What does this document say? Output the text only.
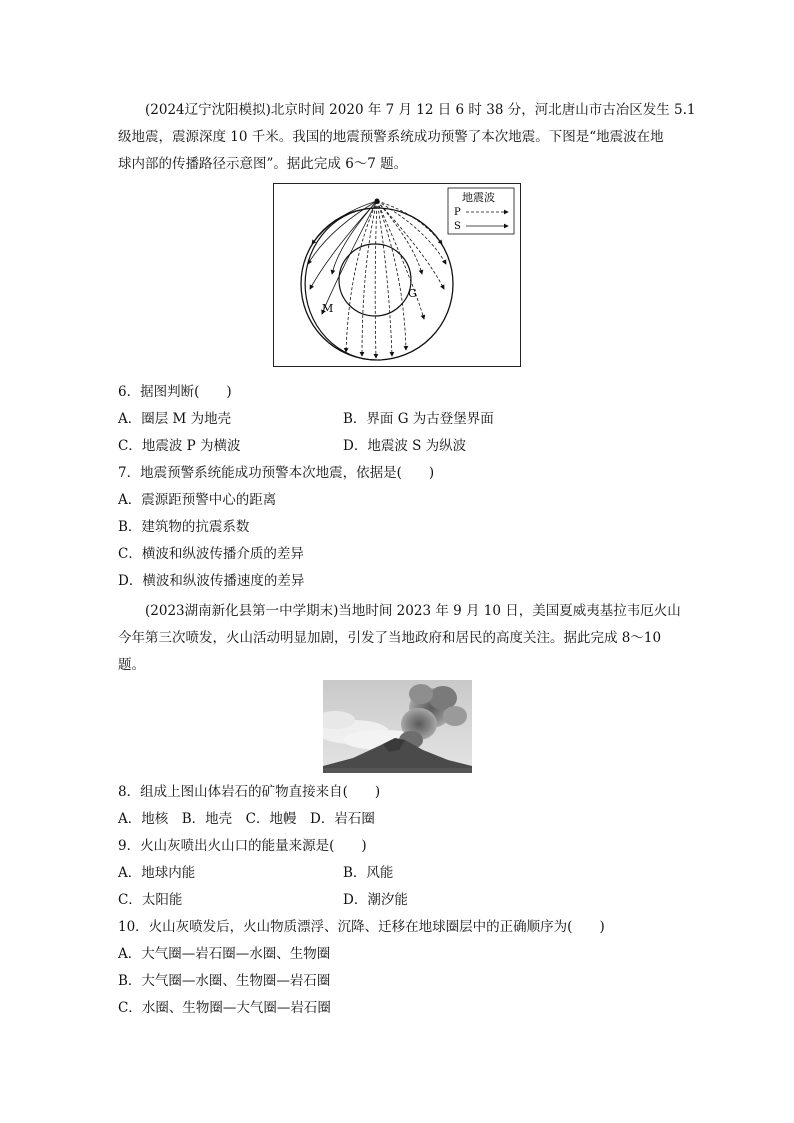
(2024辽宁沈阳模拟)北京时间 2020 年 7 月 12 日 6 时 38 分，河北唐山市古冶区发生 5.1
级地震，震源深度 10 千米。我国的地震预警系统成功预警了本次地震。下图是“地震波在地
球内部的传播路径示意图”。据此完成 6～7 题。
M
G
地震波
P
S
6．据图判断(　　)
A．圈层 M 为地壳	B．界面 G 为古登堡界面
C．地震波 P 为横波	D．地震波 S 为纵波
7．地震预警系统能成功预警本次地震，依据是(　　)
A．震源距预警中心的距离
B．建筑物的抗震系数
C．横波和纵波传播介质的差异
D．横波和纵波传播速度的差异
(2023湖南新化县第一中学期末)当地时间 2023 年 9 月 10 日，美国夏威夷基拉韦厄火山
今年第三次喷发，火山活动明显加剧，引发了当地政府和居民的高度关注。据此完成 8～10
题。
8．组成上图山体岩石的矿物直接来自(　　)
A．地核　B．地壳　C．地幔　D．岩石圈
9．火山灰喷出火山口的能量来源是(　　)
A．地球内能	B．风能
C．太阳能	D．潮汐能
10．火山灰喷发后，火山物质漂浮、沉降、迁移在地球圈层中的正确顺序为(　　)
A．大气圈—岩石圈—水圈、生物圈
B．大气圈—水圈、生物圈—岩石圈
C．水圈、生物圈—大气圈—岩石圈
